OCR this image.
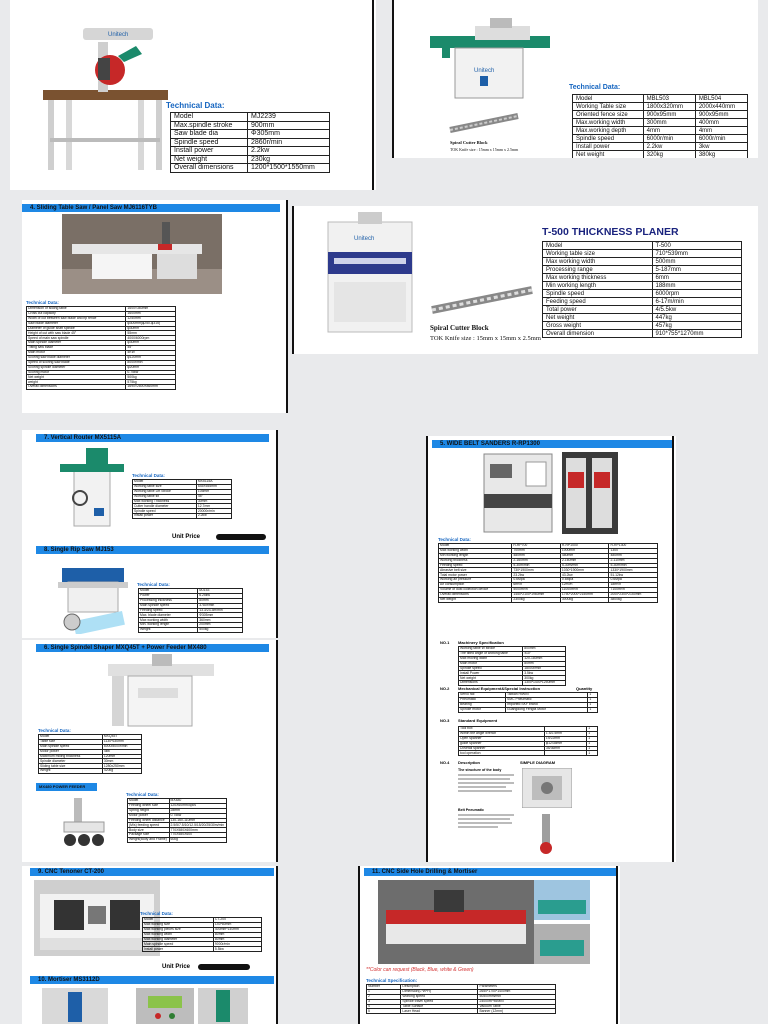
Unitech
Technical Data:
Model	MJ2239
Max.spindle stroke	900mm
Saw blade dia	Φ305mm
Spindle speed	2860r/min
Install power	2.2kw
Net weight	230kg
Overall dimensions	1200*1500*1550mm
Unitech
Spiral Cutter Block
TOK Knife size : 15mm x 15mm x 2.5mm
Technical Data:
Model	MBL503	MBL504
Working Table size	1800x320mm	2000x440mm
Oriented fence size	900x95mm	900x95mm
Max.working width	300mm	400mm
Max.working depth	4mm	4mm
Spindle speed	6000r/min	6000r/min
Install power	2.2kw	3kw
Net weight	320kg	380kg
4. Sliding Table Saw / Panel Saw MJ6116TYB
Technical Data:
Dimension of sliding table	1600×360mm
Cross cut capacity	1600mm
Width of cut between saw blade and rip fence	1250mm
Saw blade diameter	φ300mm(φ250-φ315)
Diameter of guide shaft spindle	φ30mm
Height of cut with saw blade 45°	55mm
Speed of main saw spindle	4000/6000rpm
Main spindle diameter	φ30mm
Tilting saw blade	45°
Main motor	4KW
Scoring saw blade diameter	φ120mm
Speed of scoring saw blade	8000r/min
Scoring spindle diameter	φ20mm
Scoring motor	0.75kw
Net weight	500kg
weight	575kg
Overall dimensions	1690×2800×860mm
Unitech
Spiral Cutter Block
TOK Knife size : 15mm x 15mm x 2.5mm
T-500 THICKNESS PLANER
Model	T-500
Working table size	710*539mm
Max working width	500mm
Processing range	5-187mm
Max working thickness	6mm
Min working length	188mm
Spindle speed	6000rpm
Feeding speed	6-17m/min
Total power	4/5.5kw
Net weight	447kg
Gross weight	457kg
Overall dimension	910*755*1270mm
7. Vertical Router MX5115A
Technical Data:
Model	MX5115A
Working table size	645×555mm
Working table Lift Stroke	105mm
Working table tilt	45°
Max working Thickness	30mm
Cutter handle diameter	12.7mm
Spindle speed	20000r/min
Install power	2.2kw
Unit Price
8. Single Rip Saw MJ153
Technical Data:
Model	MJ153
Power	6.25kw
Processing thickness	80mm
Main spindle speed	3780r/min
Feeding speed	13.3/23.3m/min
Max. blade diameter	Φ305mm
Max working width	360mm
Min. working length	200mm
Weight	500kg
5. WIDE BELT SANDERS R-RP1300
Technical Data:
Model	R-RP700	R-RP1000	R-RP1300
Max working width	700mm	1000mm	1300
Min working length	480mm	480mm	480mm
Working thickness	2-160mm	2-160mm	2-110mm
Feeding speed	5-30m/min	5-30m/min	5-30m/min
Abrasive belt size	730*1900mm	1030*1900mm	1330*1900mm
Total motor power	23.2kw	43.2kw	51.12kw
Working air pressure	0.6Mpa	0.6Mpa	0.6Mpa
Air consumption	6m³/h	12m³/h	18m³/h
Volume of dust collection device	5000m³/h	11000m³/h	7100m³/h
Overall dimensions	1450*2100*1960mm	1750*2000*2150mm	2000*2300*2150mm
Net weight	2300kg	3000kg	3800kg
6. Single Spindel Shaper MXQ45T + Power Feeder MX480
Technical Data:
Model	MXQ45T
Table size	1130*630mm
Main spindle speed	6000/8000r/min
Motor power	4kw
Maximum milling thickness	120mm
Spindle diameter	30mm
Sliding table size	1280x250mm
Weight	420kg
MX480 POWER FEEDER
Technical Data:
Model	MX480
Feeding wheel size	120X60mm/4pcs
Spring height	28mm
Motor power	0.75kw
Feeding wheel distance	130-160-110mm
(M/s) feeding speed	2.5/5/7.5/10/12.5/15/20/25/30m/min
Body size	770X580X600mm
Package size	770X580X600
Weight(Body and Frame)	60kg
NO.1 Machinery Specification
Working table W stroke	800mm
The tilted angle of working table	±10°
Max moving width	120-180mm
Main motor	80mm
Spindle speed	18000r/min
Install Power	3.5kw
Net weight	300kg
Dimensions	1300*1400*1250mm
NO.2 Mechanical Equipment&Special Instruction	Quantity
Servo rail	Taiwan HIWIN	1
Pneumatic	SMC Pneumatic	1
Bearing	Imported SKF brand	1
Spindle motor	Guangdong Fengfa Motor	1
NO.3 Standard Equipment
Tool box		1
Within the angle wrench	1.5/2.5mm	1
Open spanner	19/22mm	1
guide spanner	φ12/35mm	1
Dovetail spanner	35/36mm	1
tool operation		1
NO.4 Description	SIMPLE DIAGRAM
The structure of the body
Belt Pneumatic
9. CNC Tenoner CT-200
Technical Data:
Model	CT-200
Max working size	140*80mm
Max working pieces size	400mm*140mm
Max working width	80mm
Max working diameter	80mm
Main spindle speed	9000r/min
Install power	5.5kw
Unit Price
10. Mortiser MS3112D
11. CNC Side Hole Drilling & Mortiser
**Color can request (Black, Blue, white & Green)
Technical Specification:
Number	Description	Parameters
1	Dimension(L*W*H)	2650*1700*1400mm
2	Working speed	50500mm/min
3	Spindle travel speed	24000RPM/MIN
4	Table Surface	Vacuum Table
5	Laser Head	Banner (12mm)
